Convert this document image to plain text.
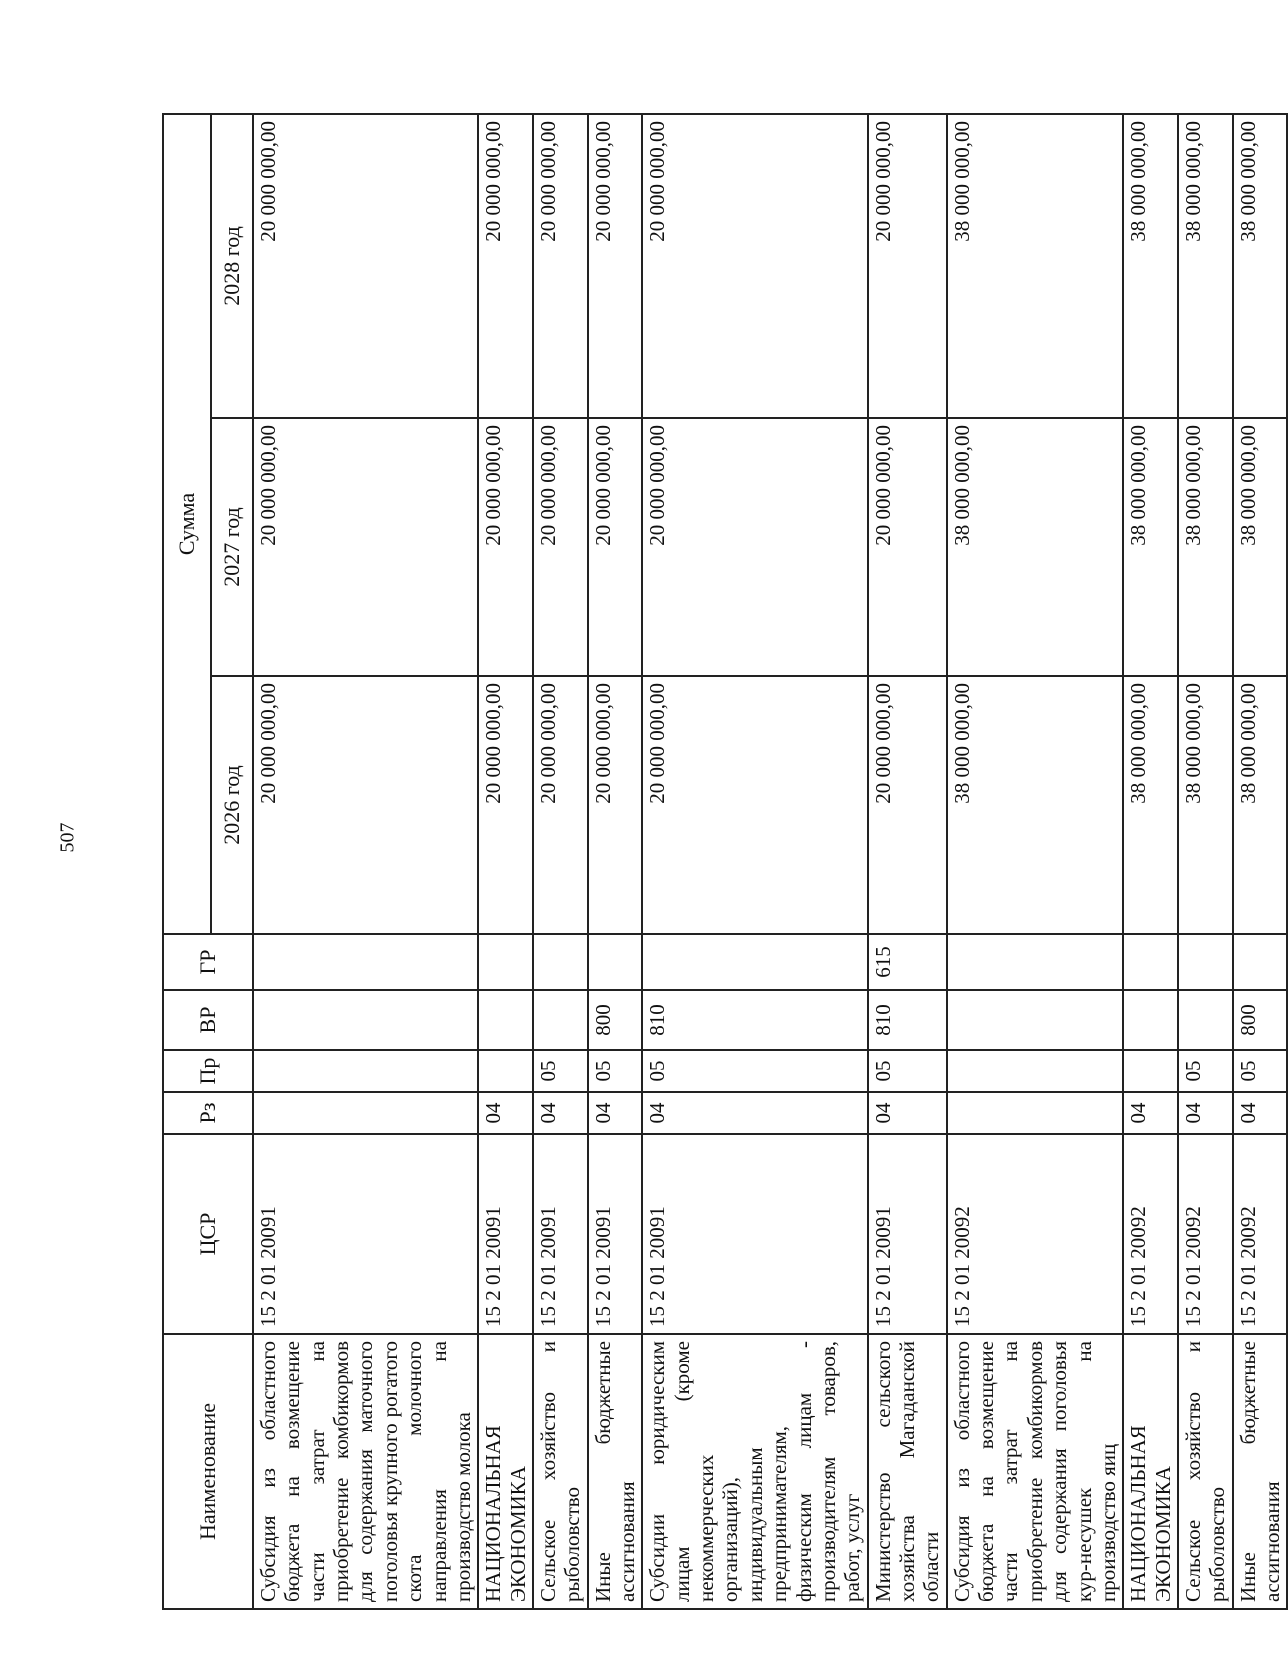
507
Наименование	ЦСР	Рз	Пр	ВР	ГР	Сумма		
						2026 год	2027 год	2028 год
Субсидия из областного бюджета на возмещение части затрат на приобретение комбикормов для содержания маточного поголовья крупного рогатого скота молочного направления на производство молока	15 2 01 20091					20 000 000,00	20 000 000,00	20 000 000,00
НАЦИОНАЛЬНАЯ ЭКОНОМИКА	15 2 01 20091	04				20 000 000,00	20 000 000,00	20 000 000,00
Сельское хозяйство и рыболовство	15 2 01 20091	04	05			20 000 000,00	20 000 000,00	20 000 000,00
Иные бюджетные ассигнования	15 2 01 20091	04	05	800		20 000 000,00	20 000 000,00	20 000 000,00
Субсидии юридическим лицам (кроме некоммерческих организаций), индивидуальным предпринимателям, физическим лицам - производителям товаров, работ, услуг	15 2 01 20091	04	05	810		20 000 000,00	20 000 000,00	20 000 000,00
Министерство сельского хозяйства Магаданской области	15 2 01 20091	04	05	810	615	20 000 000,00	20 000 000,00	20 000 000,00
Субсидия из областного бюджета на возмещение части затрат на приобретение комбикормов для содержания поголовья кур-несушек на производство яиц	15 2 01 20092					38 000 000,00	38 000 000,00	38 000 000,00
НАЦИОНАЛЬНАЯ ЭКОНОМИКА	15 2 01 20092	04				38 000 000,00	38 000 000,00	38 000 000,00
Сельское хозяйство и рыболовство	15 2 01 20092	04	05			38 000 000,00	38 000 000,00	38 000 000,00
Иные бюджетные ассигнования	15 2 01 20092	04	05	800		38 000 000,00	38 000 000,00	38 000 000,00
